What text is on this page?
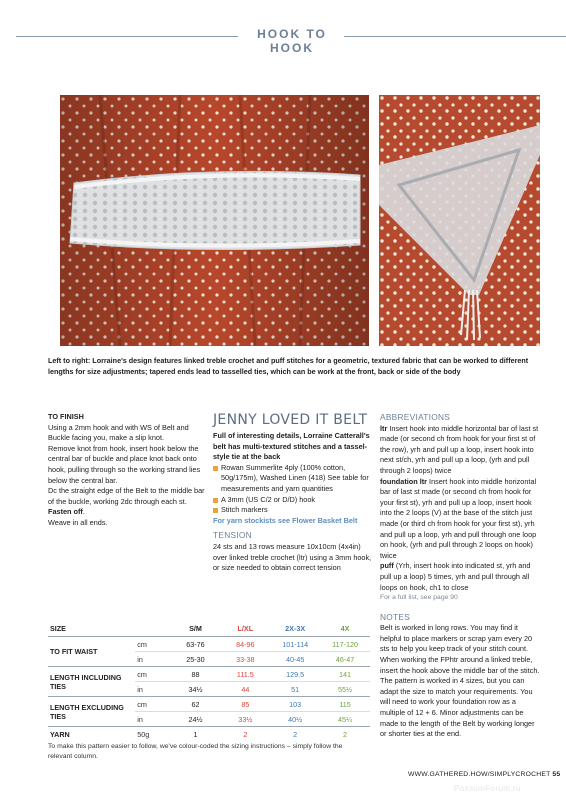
HOOK TO HOOK
Left to right: Lorraine's design features linked treble crochet and puff stitches for a geometric, textured fabric that can be worked to different lengths for size adjustments; tapered ends lead to tasselled ties, which can be work at the front, back or side of the body
TO FINISH

Using a 2mm hook and with WS of Belt and Buckle facing you, make a slip knot.

Remove knot from hook, insert hook below the central bar of buckle and place knot back onto hook, pulling through so the working strand lies below the central bar.

Dc the straight edge of the Belt to the middle bar of the buckle, working 2dc through each st.

Fasten off.

Weave in all ends.

JENNY LOVED IT BELT

Full of interesting details, Lorraine Catterall's belt has multi-textured stitches and a tassel-style tie at the back

Rowan Summerlite 4ply (100% cotton, 50g/175m), Washed Linen (418) See table for measurements and yarn quantities
A 3mm (US C/2 or D/D) hook
Stitch markers

For yarn stockists see Flower Basket Belt

TENSION

24 sts and 13 rows measure 10x10cm (4x4in) over linked treble crochet (ltr) using a 3mm hook, or size needed to obtain correct tension

ABBREVIATIONS

ltr Insert hook into middle horizontal bar of last st made (or second ch from hook for your first st of the row), yrh and pull up a loop, insert hook into next st/ch, yrh and pull up a loop, (yrh and pull through 2 loops) twice

foundation ltr Insert hook into middle horizontal bar of last st made (or second ch from hook for your first st), yrh and pull up a loop, insert hook into the 2 loops (V) at the base of the stitch just made (or third ch from hook for your first st), yrh and pull up a loop, yrh and pull through one loop on hook, (yrh and pull through 2 loops on hook) twice

puff (Yrh, insert hook into indicated st, yrh and pull up a loop) 5 times, yrh and pull through all loops on hook, ch1 to close

For a full list, see page 90

NOTES

Belt is worked in long rows. You may find it helpful to place markers or scrap yarn every 20 sts to help you keep track of your stitch count. When working the FPhtr around a linked treble, insert the hook above the middle bar of the stitch. The pattern is worked in 4 sizes, but you can adapt the size to match your requirements. You will need to work your foundation row as a multiple of 12 + 6. Minor adjustments can be made to the length of the Belt by working longer or shorter ties at the end.

SIZE		S/M	L/XL	2X-3X	4X
TO FIT WAIST	cm	63-76	84-96	101-114	117-120
	in	25-30	33-38	40-45	46-47
LENGTH INCLUDING TIES	cm	88	111.5	129.5	141
	in	34½	44	51	55½
LENGTH EXCLUDING TIES	cm	62	85	103	115
	in	24½	33½	40½	45¼
YARN	50g	1	2	2	2
To make this pattern easier to follow, we've colour-coded the sizing instructions – simply follow the relevant column.
WWW.GATHERED.HOW/SIMPLYCROCHET 55
PassionForum.ru
